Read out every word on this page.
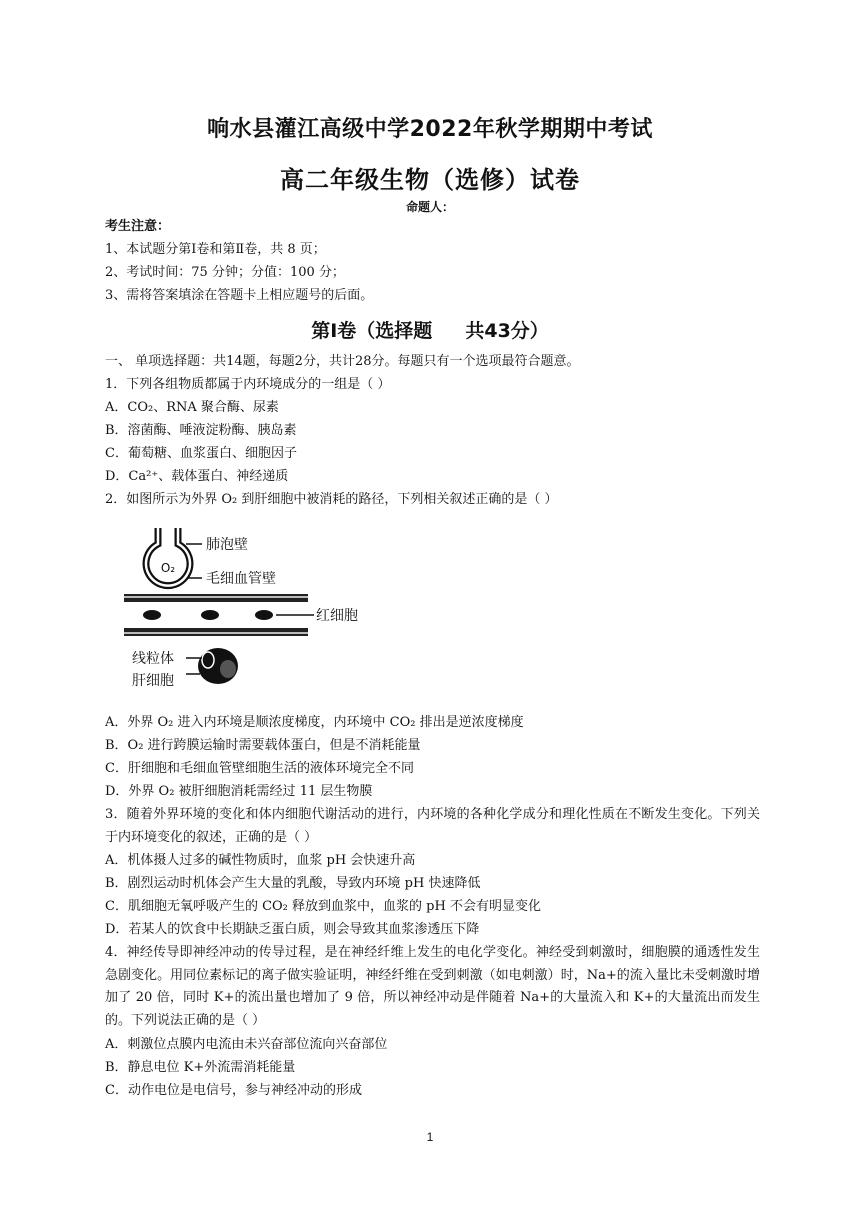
响水县灌江高级中学2022年秋学期期中考试
高二年级生物（选修）试卷
命题人：
考生注意：
1、本试题分第Ⅰ卷和第Ⅱ卷，共 8 页；
2、考试时间：75 分钟；分值：100 分；
3、需将答案填涂在答题卡上相应题号的后面。
第Ⅰ卷（选择题     共43分）
一、 单项选择题：共14题，每题2分，共计28分。每题只有一个选项最符合题意。
1．下列各组物质都属于内环境成分的一组是（ ）
A．CO₂、RNA 聚合酶、尿素
B．溶菌酶、唾液淀粉酶、胰岛素
C．葡萄糖、血浆蛋白、细胞因子
D．Ca²⁺、载体蛋白、神经递质
2．如图所示为外界 O₂ 到肝细胞中被消耗的路径，下列相关叙述正确的是（ ）
O₂
肺泡壁
毛细血管壁
红细胞
线粒体
肝细胞
A．外界 O₂ 进入内环境是顺浓度梯度，内环境中 CO₂ 排出是逆浓度梯度
B．O₂ 进行跨膜运输时需要载体蛋白，但是不消耗能量
C．肝细胞和毛细血管壁细胞生活的液体环境完全不同
D．外界 O₂ 被肝细胞消耗需经过 11 层生物膜
3．随着外界环境的变化和体内细胞代谢活动的进行，内环境的各种化学成分和理化性质在不断发生变化。下列关于内环境变化的叙述，正确的是（ ）
A．机体摄人过多的碱性物质时，血浆 pH 会快速升高
B．剧烈运动时机体会产生大量的乳酸，导致内环境 pH 快速降低
C．肌细胞无氧呼吸产生的 CO₂ 释放到血浆中，血浆的 pH 不会有明显变化
D．若某人的饮食中长期缺乏蛋白质，则会导致其血浆渗透压下降
4．神经传导即神经冲动的传导过程，是在神经纤维上发生的电化学变化。神经受到刺激时，细胞膜的通透性发生急剧变化。用同位素标记的离子做实验证明，神经纤维在受到刺激（如电刺激）时，Na+的流入量比未受刺激时增加了 20 倍，同时 K+的流出量也增加了 9 倍，所以神经冲动是伴随着 Na+的大量流入和 K+的大量流出而发生的。下列说法正确的是（ ）
A．刺激位点膜内电流由未兴奋部位流向兴奋部位
B．静息电位 K+外流需消耗能量
C．动作电位是电信号，参与神经冲动的形成
1
